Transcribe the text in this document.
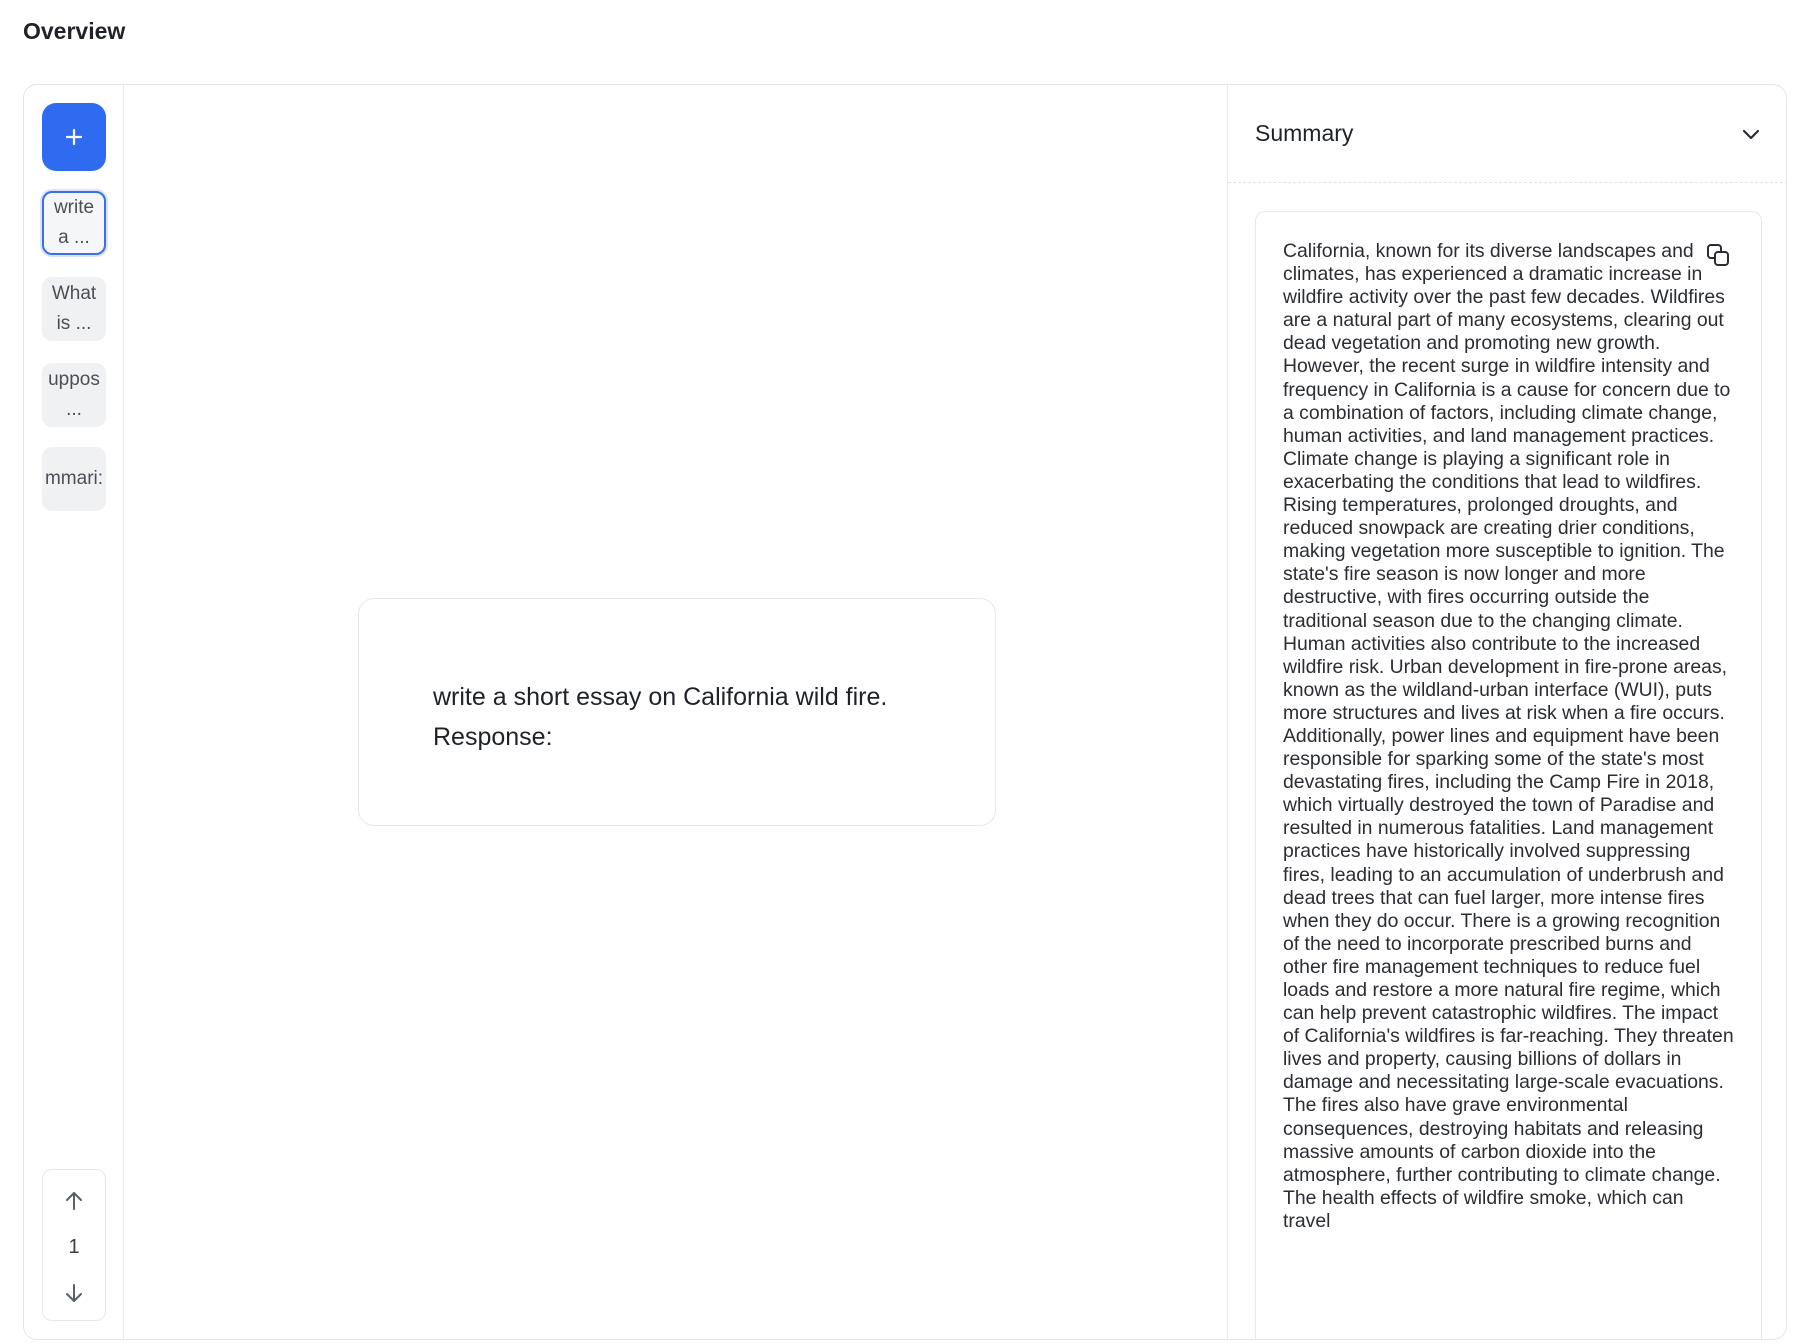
Overview
write
a ...
What
is ...
uppos
...
mmari:
1
write a short essay on California wild fire.
Response:
Summary
California, known for its diverse landscapes and climates, has experienced a dramatic increase in wildfire activity over the past few decades. Wildfires are a natural part of many ecosystems, clearing out dead vegetation and promoting new growth. However, the recent surge in wildfire intensity and frequency in California is a cause for concern due to a combination of factors, including climate change, human activities, and land management practices. Climate change is playing a significant role in exacerbating the conditions that lead to wildfires. Rising temperatures, prolonged droughts, and reduced snowpack are creating drier conditions, making vegetation more susceptible to ignition. The state's fire season is now longer and more destructive, with fires occurring outside the traditional season due to the changing climate. Human activities also contribute to the increased wildfire risk. Urban development in fire-prone areas, known as the wildland-urban interface (WUI), puts more structures and lives at risk when a fire occurs. Additionally, power lines and equipment have been responsible for sparking some of the state's most devastating fires, including the Camp Fire in 2018, which virtually destroyed the town of Paradise and resulted in numerous fatalities. Land management practices have historically involved suppressing fires, leading to an accumulation of underbrush and dead trees that can fuel larger, more intense fires when they do occur. There is a growing recognition of the need to incorporate prescribed burns and other fire management techniques to reduce fuel loads and restore a more natural fire regime, which can help prevent catastrophic wildfires. The impact of California's wildfires is far-reaching. They threaten lives and property, causing billions of dollars in damage and necessitating large-scale evacuations. The fires also have grave environmental consequences, destroying habitats and releasing massive amounts of carbon dioxide into the atmosphere, further contributing to climate change. The health effects of wildfire smoke, which can travel
